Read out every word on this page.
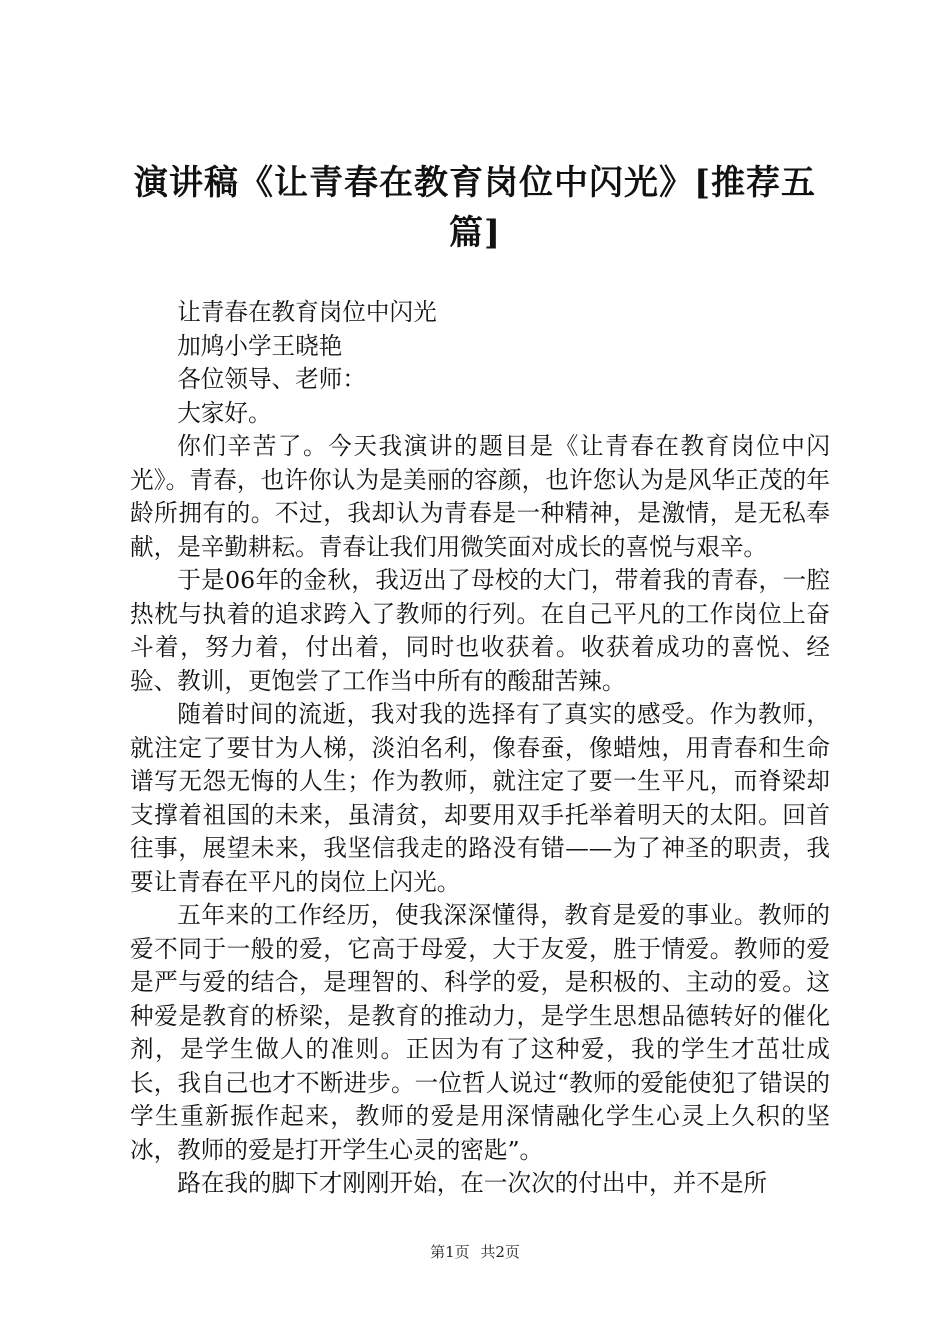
演讲稿《让青春在教育岗位中闪光》[推荐五
篇]

让青春在教育岗位中闪光

加鸠小学王晓艳

各位领导、老师：

大家好。

你们辛苦了。今天我演讲的题目是《让青春在教育岗位中闪光》。青春，也许你认为是美丽的容颜，也许您认为是风华正茂的年龄所拥有的。不过，我却认为青春是一种精神，是激情，是无私奉献，是辛勤耕耘。青春让我们用微笑面对成长的喜悦与艰辛。

于是06年的金秋，我迈出了母校的大门，带着我的青春，一腔热枕与执着的追求跨入了教师的行列。在自己平凡的工作岗位上奋斗着，努力着，付出着，同时也收获着。收获着成功的喜悦、经验、教训，更饱尝了工作当中所有的酸甜苦辣。

随着时间的流逝，我对我的选择有了真实的感受。作为教师，就注定了要甘为人梯，淡泊名利，像春蚕，像蜡烛，用青春和生命谱写无怨无悔的人生；作为教师，就注定了要一生平凡，而脊梁却支撑着祖国的未来，虽清贫，却要用双手托举着明天的太阳。回首往事，展望未来，我坚信我走的路没有错——为了神圣的职责，我要让青春在平凡的岗位上闪光。

五年来的工作经历，使我深深懂得，教育是爱的事业。教师的爱不同于一般的爱，它高于母爱，大于友爱，胜于情爱。教师的爱是严与爱的结合，是理智的、科学的爱，是积极的、主动的爱。这种爱是教育的桥梁，是教育的推动力，是学生思想品德转好的催化剂，是学生做人的准则。正因为有了这种爱，我的学生才茁壮成长，我自己也才不断进步。一位哲人说过“教师的爱能使犯了错误的学生重新振作起来，教师的爱是用深情融化学生心灵上久积的坚冰，教师的爱是打开学生心灵的密匙”。

路在我的脚下才刚刚开始，在一次次的付出中，并不是所

第1页 共2页
